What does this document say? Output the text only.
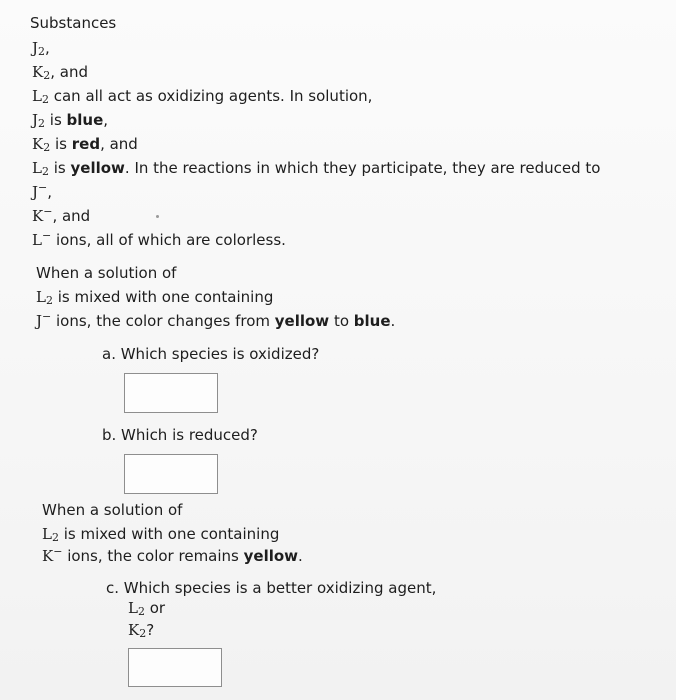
Substances
$J_2$,
$K_2$, and
$L_2$ can all act as oxidizing agents. In solution,
$J_2$ is blue,
$K_2$ is red, and
$L_2$ is yellow. In the reactions in which they participate, they are reduced to
J−,
K−, and
L− ions, all of which are colorless.
When a solution of
$L_2$ is mixed with one containing
J− ions, the color changes from yellow to blue.
a. Which species is oxidized?
b. Which is reduced?
When a solution of
$L_2$ is mixed with one containing
K− ions, the color remains yellow.
c. Which species is a better oxidizing agent,
$L_2$ or
$K_2$?
